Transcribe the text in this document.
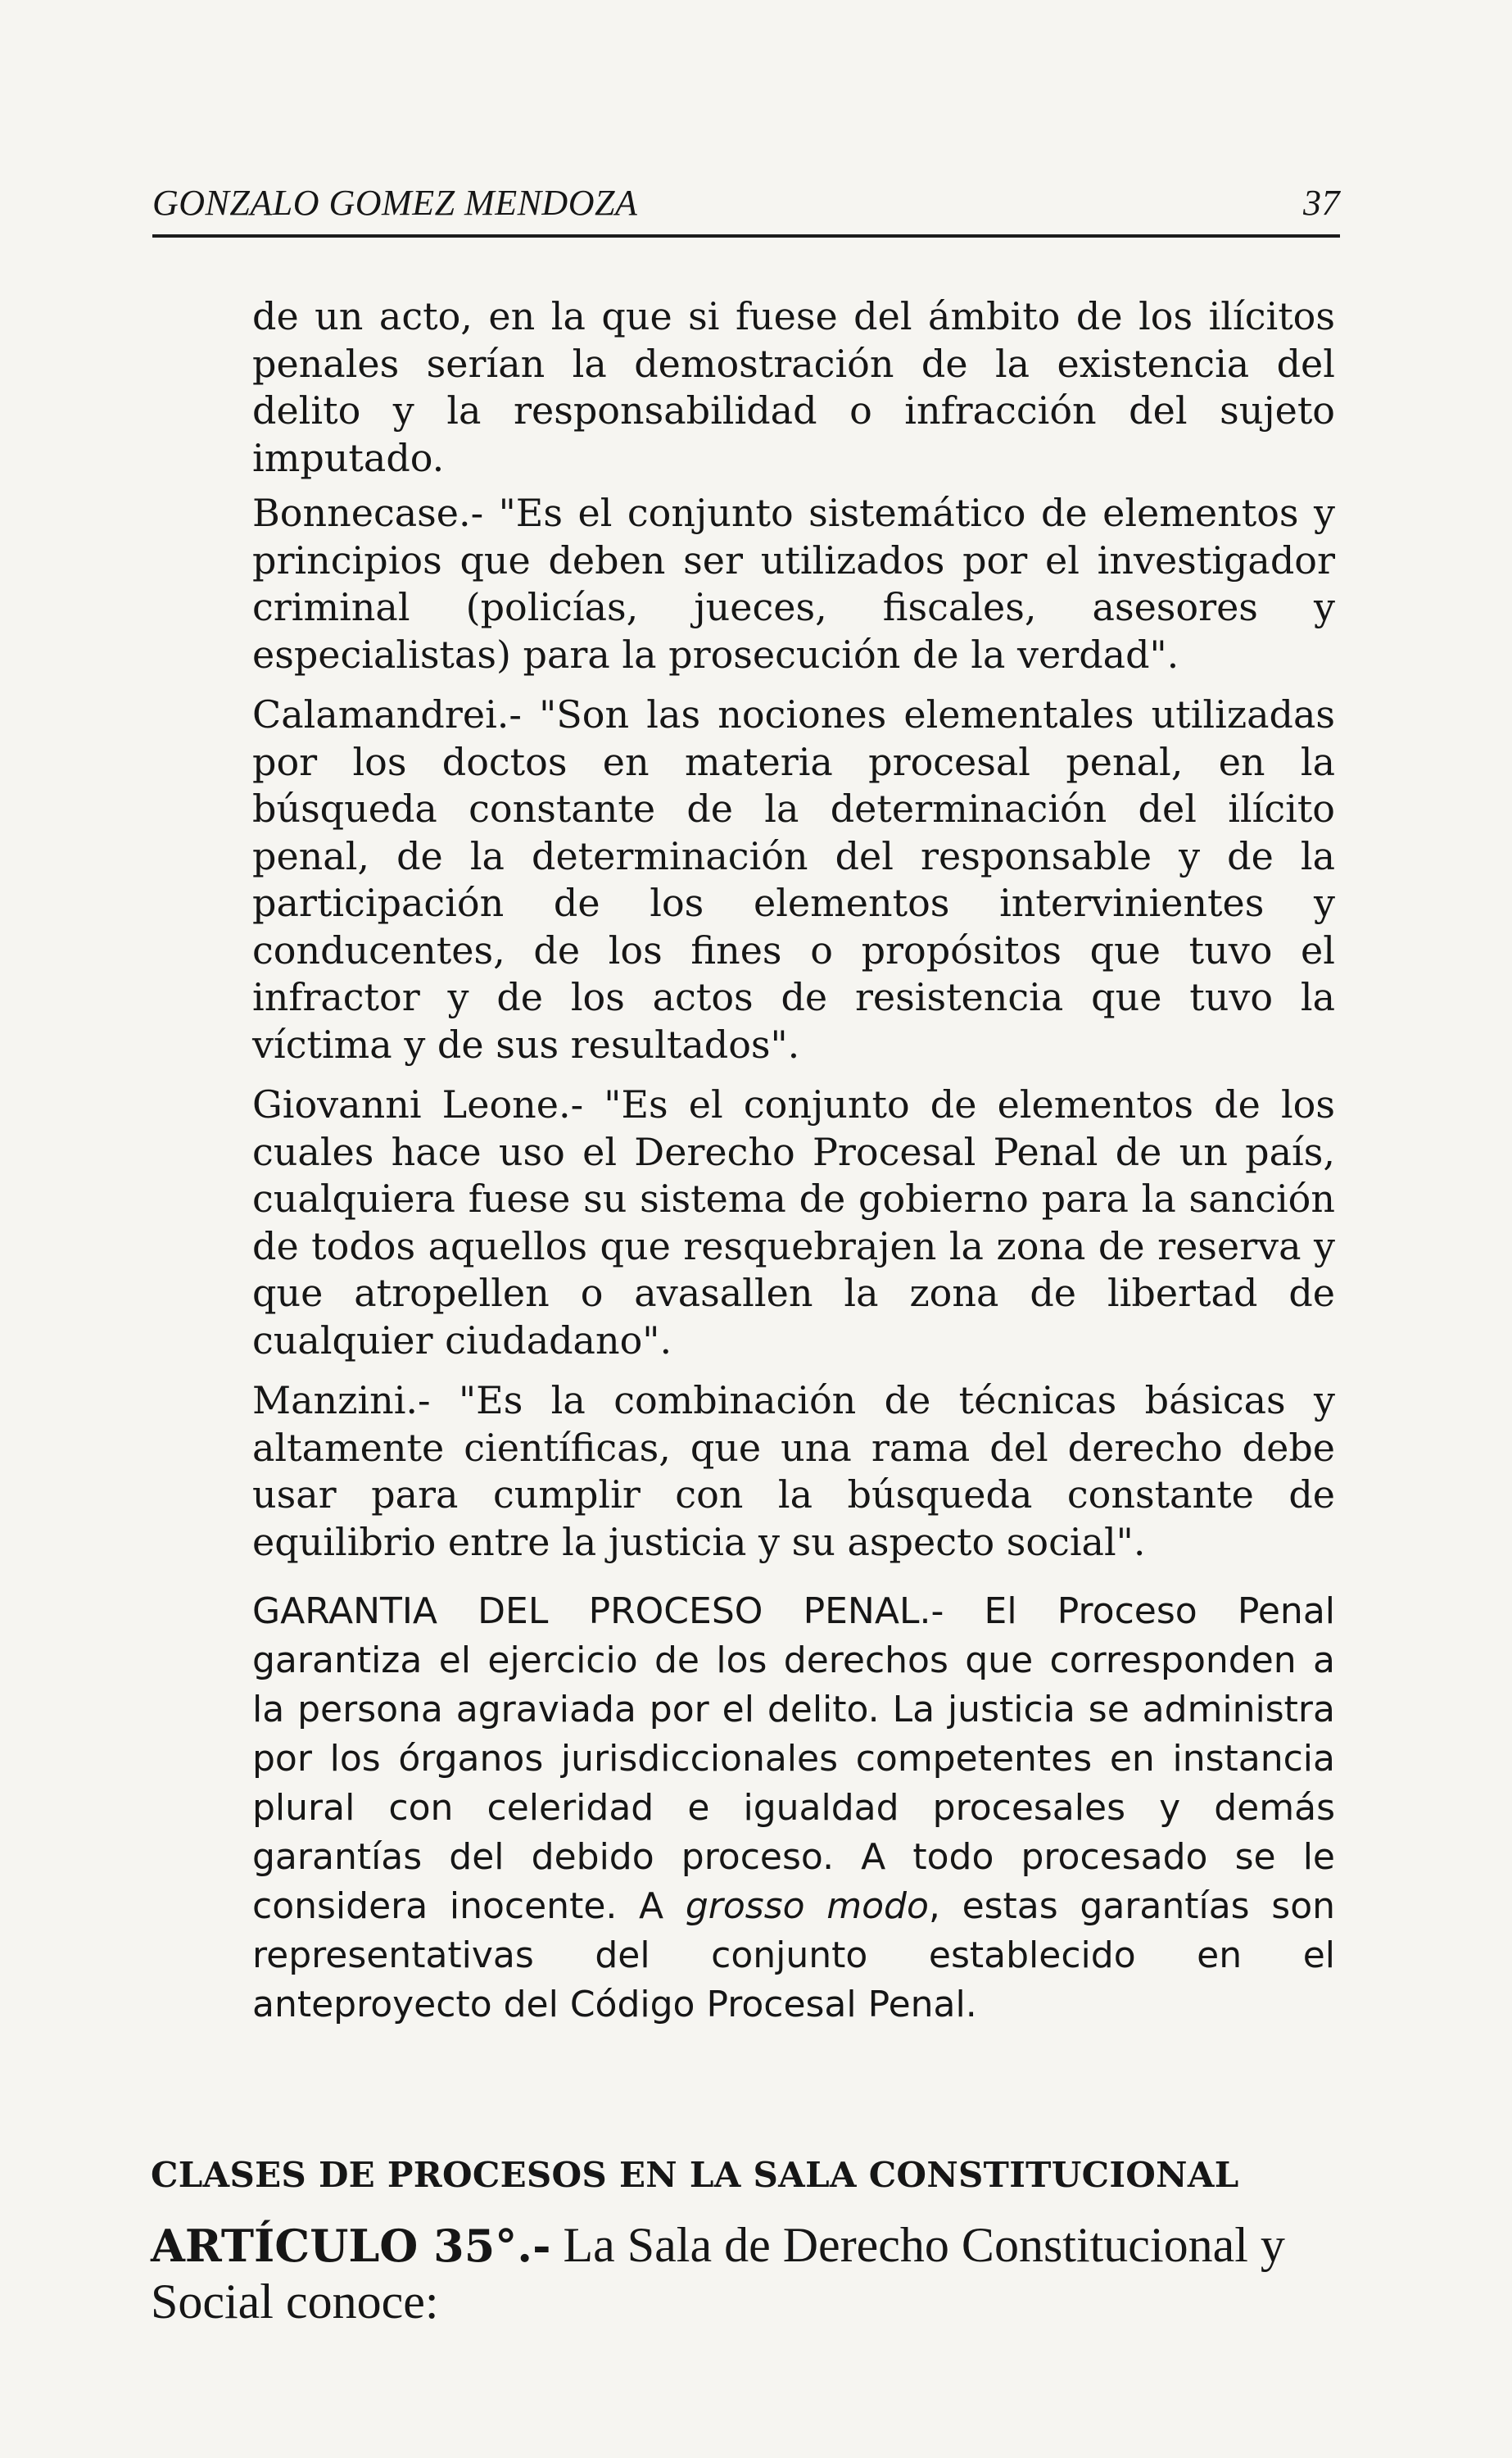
GONZALO GOMEZ MENDOZA	37

de un acto, en la que si fuese del ámbito de los ilícitos penales serían la demostración de la existencia del delito y la responsabilidad o infracción del sujeto imputado.

Bonnecase.- "Es el conjunto sistemático de elementos y principios que deben ser utilizados por el investigador criminal (policías, jueces, fiscales, asesores y especialistas) para la prosecución de la verdad".

Calamandrei.- "Son las nociones elementales utilizadas por los doctos en materia procesal penal, en la búsqueda constante de la determinación del ilícito penal, de la determinación del responsable y de la participación de los elementos intervinientes y conducentes, de los fines o propósitos que tuvo el infractor y de los actos de resistencia que tuvo la víctima y de sus resultados".

Giovanni Leone.- "Es el conjunto de elementos de los cuales hace uso el Derecho Procesal Penal de un país, cualquiera fuese su sistema de gobierno para la sanción de todos aquellos que resquebrajen la zona de reserva y que atropellen o avasallen la zona de libertad de cualquier ciudadano".

Manzini.- "Es la combinación de técnicas básicas y altamente científicas, que una rama del derecho debe usar para cumplir con la búsqueda constante de equilibrio entre la justicia y su aspecto social".

GARANTIA DEL PROCESO PENAL.- El Proceso Penal garantiza el ejercicio de los derechos que corresponden a la persona agraviada por el delito. La justicia se administra por los órganos jurisdiccionales competentes en instancia plural con celeridad e igualdad procesales y demás garantías del debido proceso. A todo procesado se le considera inocente. A grosso modo, estas garantías son representativas del conjunto establecido en el anteproyecto del Código Procesal Penal.

CLASES DE PROCESOS EN LA SALA CONSTITUCIONAL
ARTÍCULO 35°.- La Sala de Derecho Constitucional y Social conoce:
